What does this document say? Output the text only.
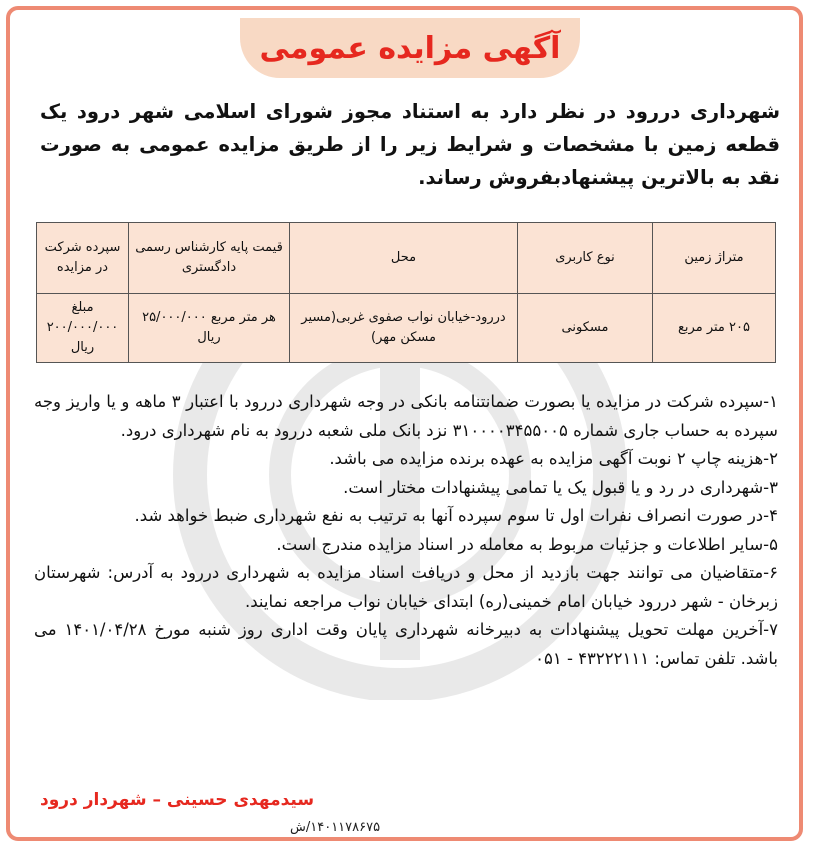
آگهی مزایده عمومی
شهرداری دررود در نظر دارد به استناد مجوز شورای اسلامی شهر درود یک قطعه زمین با مشخصات و شرایط زیر را از طریق مزایده عمومی به صورت نقد به بالاترین پیشنهادبفروش رساند.
متراژ زمین	نوع کاربری	محل	قیمت پایه کارشناس رسمی دادگستری	سپرده شرکت در مزایده
۲۰۵ متر مربع	مسکونی	دررود-خیابان نواب صفوی غربی(مسیر مسکن مهر)	هر متر مربع ۲۵/۰۰۰/۰۰۰ ریال	مبلغ ۲۰۰/۰۰۰/۰۰۰ ریال

۱-سپرده شرکت در مزایده یا بصورت ضمانتنامه بانکی در وجه شهرداری دررود با اعتبار ۳ ماهه و یا واریز وجه سپرده به حساب جاری شماره ۳۱۰۰۰۰۳۴۵۵۰۰۵ نزد بانک ملی شعبه دررود به نام شهرداری درود.

۲-هزینه چاپ ۲ نوبت آگهی مزایده به عهده برنده مزایده می باشد.

۳-شهرداری در رد و یا قبول یک یا تمامی پیشنهادات مختار است.

۴-در صورت انصراف نفرات اول تا سوم سپرده آنها به ترتیب به نفع شهرداری ضبط خواهد شد.

۵-سایر اطلاعات و جزئیات مربوط به معامله در اسناد مزایده مندرج است.

۶-متقاضیان می توانند جهت بازدید از محل و دریافت اسناد مزایده به شهرداری دررود به آدرس: شهرستان زبرخان - شهر دررود خیابان امام خمینی(ره) ابتدای خیابان نواب مراجعه نمایند.

۷-آخرین مهلت تحویل پیشنهادات به دبیرخانه شهرداری پایان وقت اداری روز شنبه مورخ ۱۴۰۱/۰۴/۲۸ می باشد. تلفن تماس: ۴۳۲۲۲۱۱۱ - ۰۵۱

سیدمهدی حسینی – شهردار درود
۱۴۰۱۱۷۸۶۷۵/ش
